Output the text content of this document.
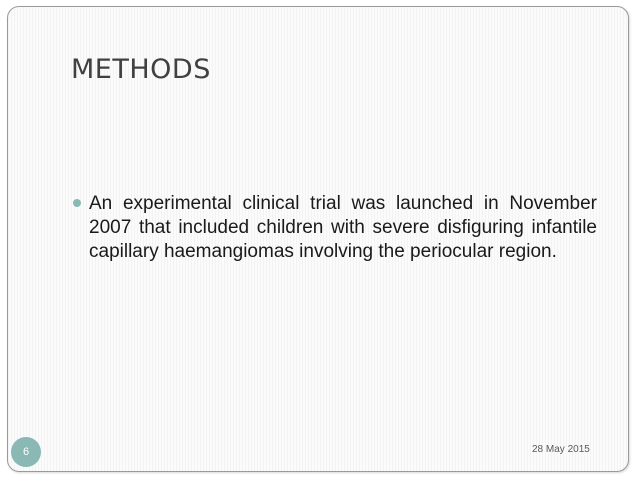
METHODS
An experimental clinical trial was launched in November 2007 that included children with severe disfiguring infantile capillary haemangiomas involving the periocular region.
6	28 May 2015
